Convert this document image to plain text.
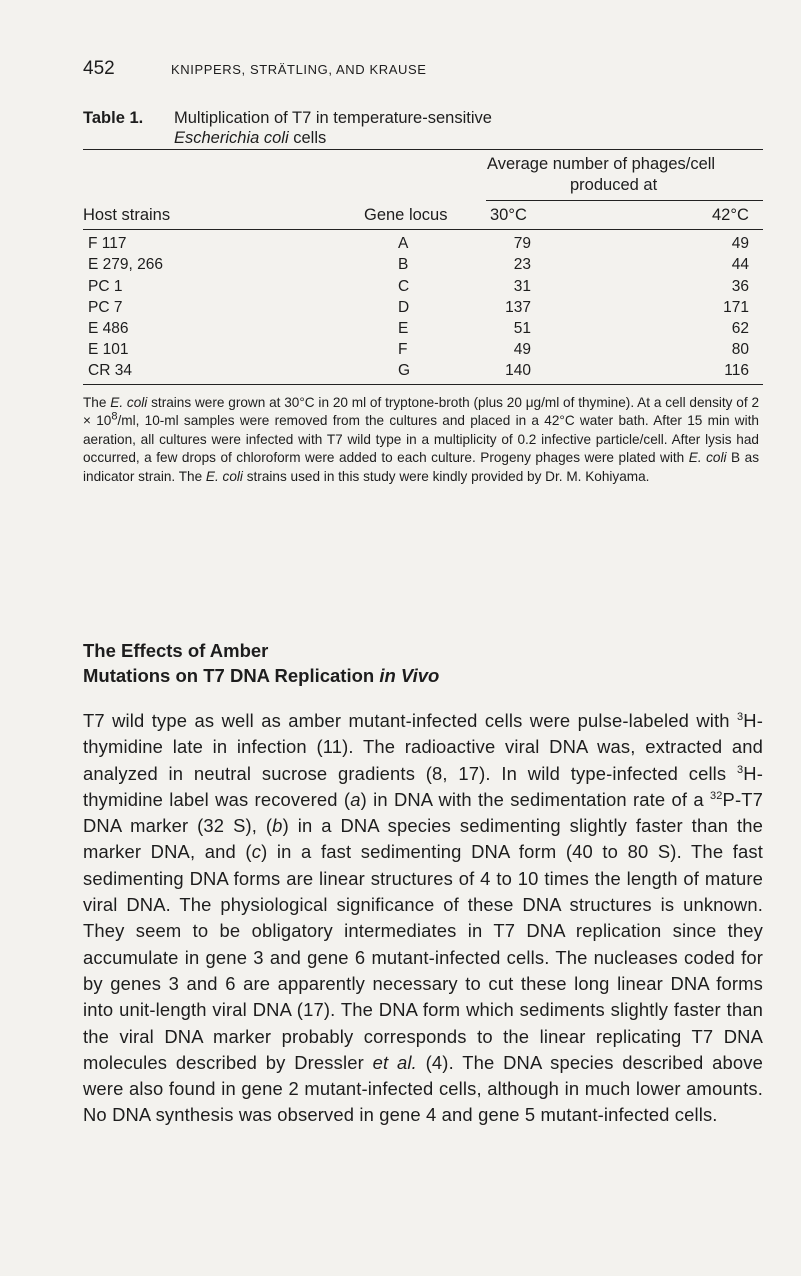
452	KNIPPERS, STRÄTLING, AND KRAUSE
Table 1. Multiplication of T7 in temperature-sensitive
Escherichia coli cells
Average number of phages/cell
produced at
Host strains	Gene locus	30°C	42°C
F 117	A	79	49
E 279, 266	B	23	44
PC 1	C	31	36
PC 7	D	137	171
E 486	E	51	62
E 101	F	49	80
CR 34	G	140	116

The E. coli strains were grown at 30°C in 20 ml of tryptone-broth (plus 20 μg/ml of thymine). At a cell density of $2 \times 10^8/ml$, 10-ml samples were removed from the cultures and placed in a 42°C water bath. After 15 min with aeration, all cultures were infected with T7 wild type in a multiplicity of 0.2 infective particle/cell. After lysis had occurred, a few drops of chloroform were added to each culture. Progeny phages were plated with E. coli B as indicator strain. The E. coli strains used in this study were kindly provided by Dr. M. Kohiyama.

The Effects of Amber
Mutations on T7 DNA Replication in Vivo

T7 wild type as well as amber mutant-infected cells were pulse-labeled with $^3$H-thymidine late in infection (11). The radioactive viral DNA was, extracted and analyzed in neutral sucrose gradients (8, 17). In wild type-infected cells $^3$H-thymidine label was recovered (a) in DNA with the sedimentation rate of a $^{32}$P-T7 DNA marker (32 S), (b) in a DNA species sedimenting slightly faster than the marker DNA, and (c) in a fast sedimenting DNA form (40 to 80 S). The fast sedimenting DNA forms are linear structures of 4 to 10 times the length of mature viral DNA. The physiological significance of these DNA structures is unknown. They seem to be obligatory intermediates in T7 DNA replication since they accumulate in gene 3 and gene 6 mutant-infected cells. The nucleases coded for by genes 3 and 6 are apparently necessary to cut these long linear DNA forms into unit-length viral DNA (17). The DNA form which sediments slightly faster than the viral DNA marker probably corresponds to the linear replicating T7 DNA molecules described by Dressler et al. (4). The DNA species described above were also found in gene 2 mutant-infected cells, although in much lower amounts. No DNA synthesis was observed in gene 4 and gene 5 mutant-infected cells.
